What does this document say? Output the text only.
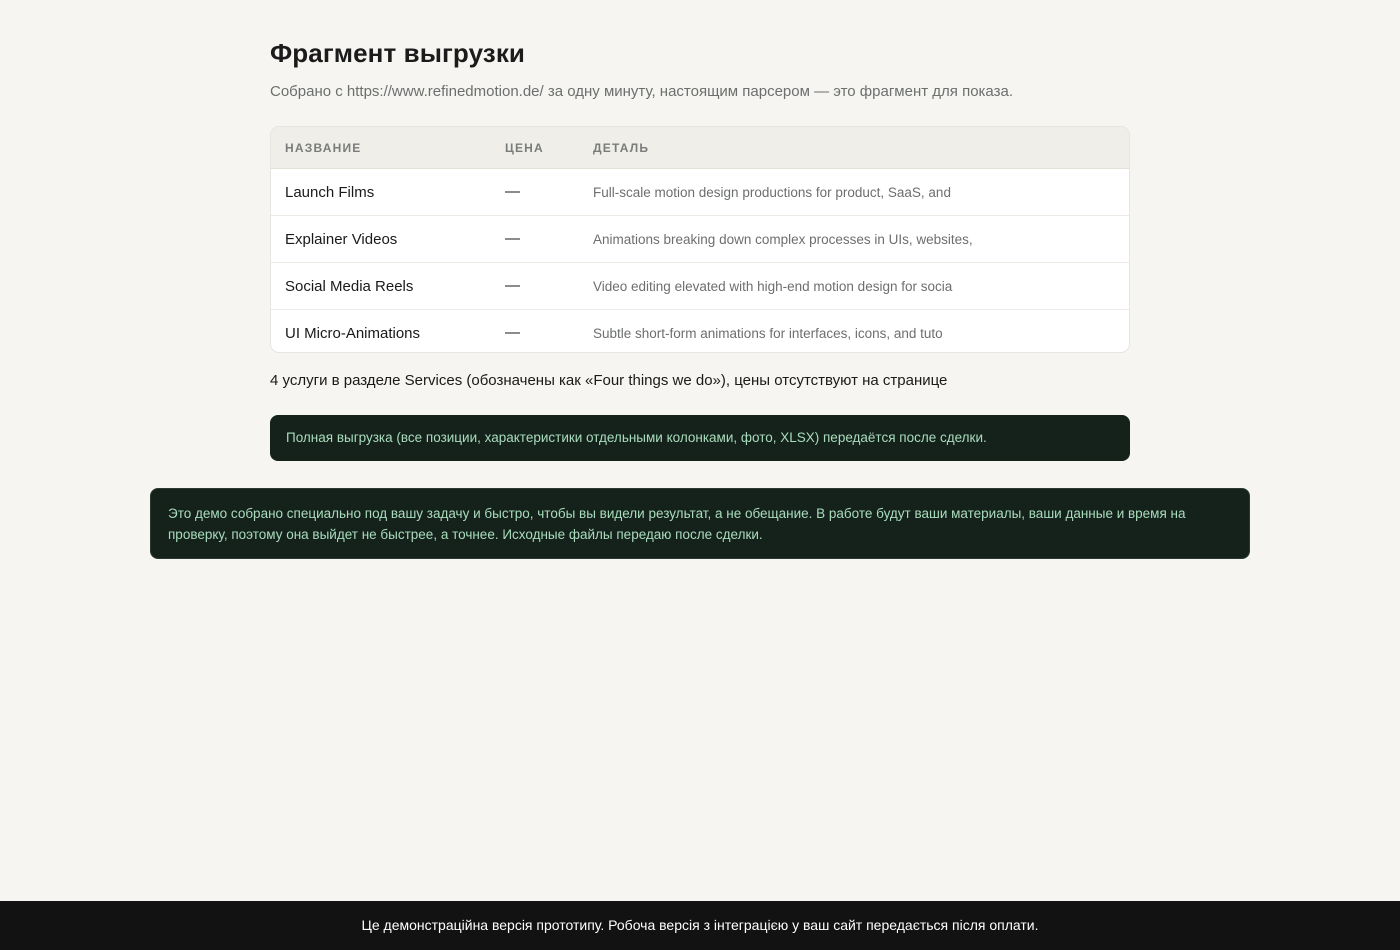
Фрагмент выгрузки
Собрано с https://www.refinedmotion.de/ за одну минуту, настоящим парсером — это фрагмент для показа.
НАЗВАНИЕ	ЦЕНА	ДЕТАЛЬ
Launch Films	—	Full-scale motion design productions for product, SaaS, and
Explainer Videos	—	Animations breaking down complex processes in UIs, websites,
Social Media Reels	—	Video editing elevated with high-end motion design for socia
UI Micro-Animations	—	Subtle short-form animations for interfaces, icons, and tuto
4 услуги в разделе Services (обозначены как «Four things we do»), цены отсутствуют на странице
Полная выгрузка (все позиции, характеристики отдельными колонками, фото, XLSX) передаётся после сделки.
Это демо собрано специально под вашу задачу и быстро, чтобы вы видели результат, а не обещание. В работе будут ваши материалы, ваши данные и время на проверку, поэтому она выйдет не быстрее, а точнее. Исходные файлы передаю после сделки.
Це демонстраційна версія прототипу. Робоча версія з інтеграцією у ваш сайт передається після оплати.
